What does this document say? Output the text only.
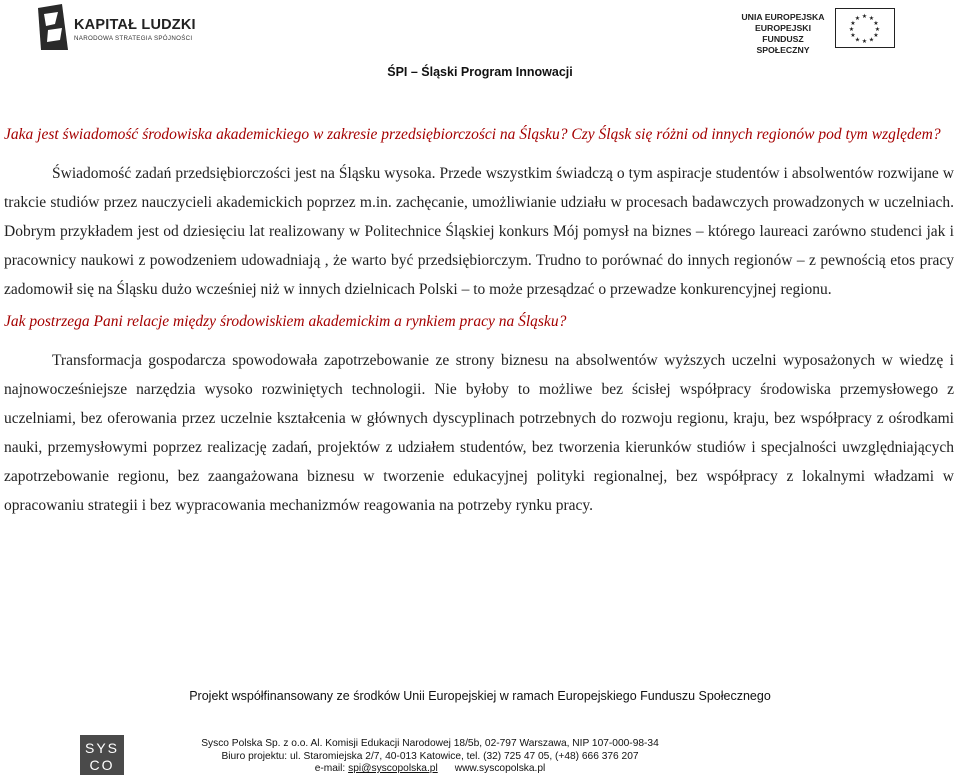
KAPITAŁ LUDZKI
NARODOWA STRATEGIA SPÓJNOŚCI
UNIA EUROPEJSKA
EUROPEJSKI
FUNDUSZ SPOŁECZNY
★ ★
★
★
★
★
★
★
★
★
★
★
ŚPI – Śląski Program Innowacji

Jaka jest świadomość środowiska akademickiego w zakresie przedsiębiorczości na Śląsku? Czy Śląsk się różni od innych regionów pod tym względem?

Świadomość zadań przedsiębiorczości jest na Śląsku wysoka. Przede wszystkim świadczą o tym aspiracje studentów i absolwentów rozwijane w trakcie studiów przez nauczycieli akademickich poprzez m.in. zachęcanie, umożliwianie udziału w procesach badawczych prowadzonych w uczelniach. Dobrym przykładem jest od dziesięciu lat realizowany w Politechnice Śląskiej konkurs Mój pomysł na biznes – którego laureaci zarówno studenci jak i pracownicy naukowi z powodzeniem udowadniają , że warto być przedsiębiorczym. Trudno to porównać do innych regionów – z pewnością etos pracy zadomowił się na Śląsku dużo wcześniej niż w innych dzielnicach Polski – to może przesądzać o przewadze konkurencyjnej regionu.

Jak postrzega Pani relacje między środowiskiem akademickim a rynkiem pracy na Śląsku?

Transformacja gospodarcza spowodowała zapotrzebowanie ze strony biznesu na absolwentów wyższych uczelni wyposażonych w wiedzę i najnowocześniejsze narzędzia wysoko rozwiniętych technologii. Nie byłoby to możliwe bez ścisłej współpracy środowiska przemysłowego z uczelniami, bez oferowania przez uczelnie kształcenia w głównych dyscyplinach potrzebnych do rozwoju regionu, kraju, bez współpracy z ośrodkami nauki, przemysłowymi poprzez realizację zadań, projektów z udziałem studentów, bez tworzenia kierunków studiów i specjalności uwzględniających zapotrzebowanie regionu, bez zaangażowana biznesu w tworzenie edukacyjnej polityki regionalnej, bez współpracy z lokalnymi władzami w opracowaniu strategii i bez wypracowania mechanizmów reagowania na potrzeby rynku pracy.

Projekt współfinansowany ze środków Unii Europejskiej w ramach Europejskiego Funduszu Społecznego
SYS
CO
Sysco Polska Sp. z o.o. Al. Komisji Edukacji Narodowej 18/5b, 02-797 Warszawa, NIP 107-000-98-34
Biuro projektu: ul. Staromiejska 2/7, 40-013 Katowice, tel. (32) 725 47 05, (+48) 666 376 207
e-mail: spi@syscopolska.pl www.syscopolska.pl
